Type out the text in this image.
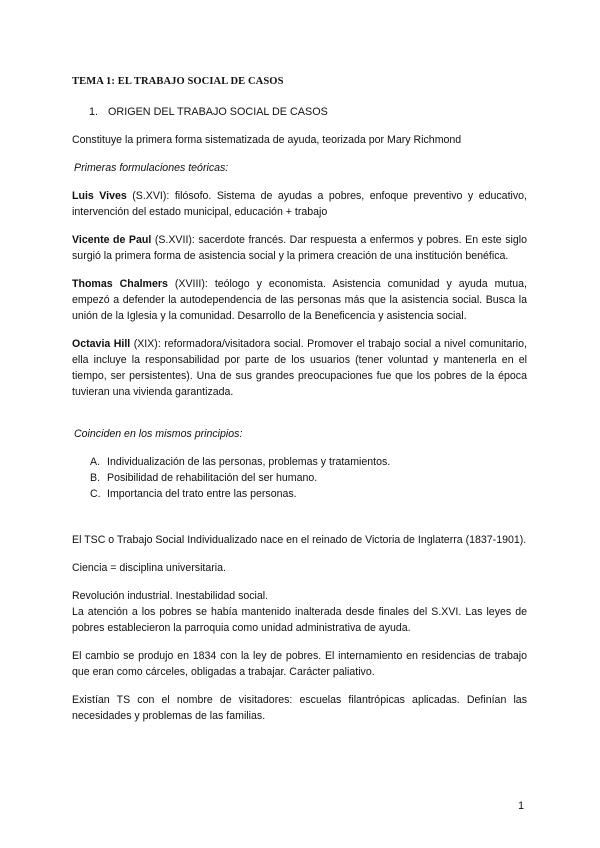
TEMA 1: EL TRABAJO SOCIAL DE CASOS
1. ORIGEN DEL TRABAJO SOCIAL DE CASOS

Constituye la primera forma sistematizada de ayuda, teorizada por Mary Richmond

Primeras formulaciones teóricas:

Luis Vives (S.XVI): filósofo. Sistema de ayudas a pobres, enfoque preventivo y educativo, intervención del estado municipal, educación + trabajo

Vicente de Paul (S.XVII): sacerdote francés. Dar respuesta a enfermos y pobres. En este siglo surgió la primera forma de asistencia social y la primera creación de una institución benéfica.

Thomas Chalmers (XVIII): teólogo y economista. Asistencia comunidad y ayuda mutua, empezó a defender la autodependencia de las personas más que la asistencia social. Busca la unión de la Iglesia y la comunidad. Desarrollo de la Beneficencia y asistencia social.

Octavia Hill (XIX): reformadora/visitadora social. Promover el trabajo social a nivel comunitario, ella incluye la responsabilidad por parte de los usuarios (tener voluntad y mantenerla en el tiempo, ser persistentes). Una de sus grandes preocupaciones fue que los pobres de la época tuvieran una vivienda garantizada.

Coinciden en los mismos principios:

A. Individualización de las personas, problemas y tratamientos.
B. Posibilidad de rehabilitación del ser humano.
C. Importancia del trato entre las personas.

El TSC o Trabajo Social Individualizado nace en el reinado de Victoria de Inglaterra (1837-1901).

Ciencia = disciplina universitaria.

Revolución industrial. Inestabilidad social.

La atención a los pobres se había mantenido inalterada desde finales del S.XVI. Las leyes de pobres establecieron la parroquia como unidad administrativa de ayuda.

El cambio se produjo en 1834 con la ley de pobres. El internamiento en residencias de trabajo que eran como cárceles, obligadas a trabajar. Carácter paliativo.

Existían TS con el nombre de visitadores: escuelas filantrópicas aplicadas. Definían las necesidades y problemas de las familias.

1
